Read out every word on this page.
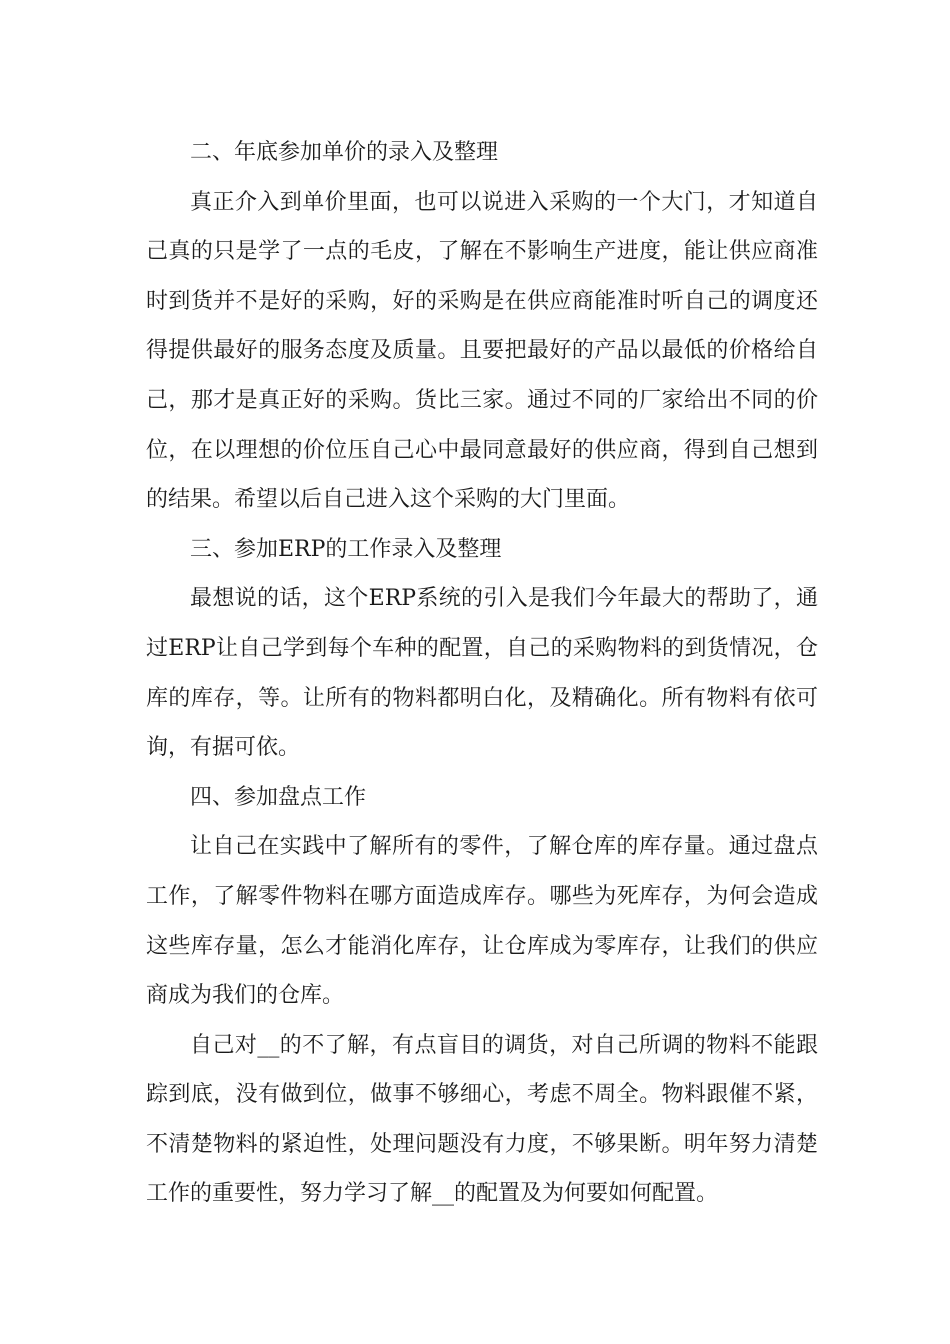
二、年底参加单价的录入及整理

真正介入到单价里面，也可以说进入采购的一个大门，才知道自己真的只是学了一点的毛皮，了解在不影响生产进度，能让供应商准时到货并不是好的采购，好的采购是在供应商能准时听自己的调度还得提供最好的服务态度及质量。且要把最好的产品以最低的价格给自己，那才是真正好的采购。货比三家。通过不同的厂家给出不同的价位，在以理想的价位压自己心中最同意最好的供应商，得到自己想到的结果。希望以后自己进入这个采购的大门里面。

三、参加ERP的工作录入及整理

最想说的话，这个ERP系统的引入是我们今年最大的帮助了，通过ERP让自己学到每个车种的配置，自己的采购物料的到货情况，仓库的库存，等。让所有的物料都明白化，及精确化。所有物料有依可询，有据可依。

四、参加盘点工作

让自己在实践中了解所有的零件，了解仓库的库存量。通过盘点工作，了解零件物料在哪方面造成库存。哪些为死库存，为何会造成这些库存量，怎么才能消化库存，让仓库成为零库存，让我们的供应商成为我们的仓库。

自己对__的不了解，有点盲目的调货，对自己所调的物料不能跟踪到底，没有做到位，做事不够细心，考虑不周全。物料跟催不紧，不清楚物料的紧迫性，处理问题没有力度，不够果断。明年努力清楚工作的重要性，努力学习了解__的配置及为何要如何配置。
